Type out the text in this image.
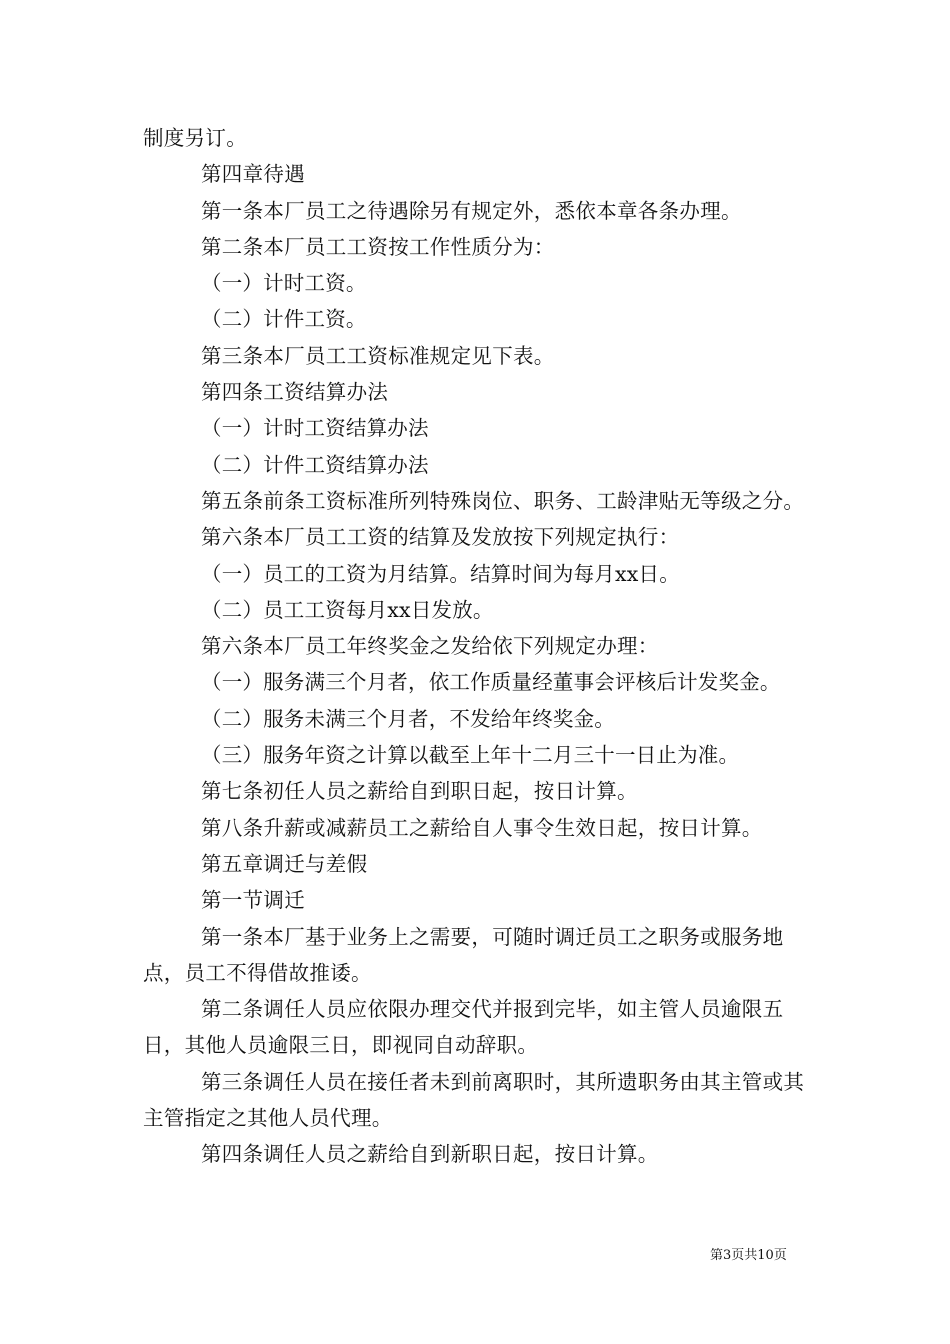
制度另订。

第四章待遇

第一条本厂员工之待遇除另有规定外，悉依本章各条办理。

第二条本厂员工工资按工作性质分为：

（一）计时工资。

（二）计件工资。

第三条本厂员工工资标准规定见下表。

第四条工资结算办法

（一）计时工资结算办法

（二）计件工资结算办法

第五条前条工资标准所列特殊岗位、职务、工龄津贴无等级之分。

第六条本厂员工工资的结算及发放按下列规定执行：

（一）员工的工资为月结算。结算时间为每月xx日。

（二）员工工资每月xx日发放。

第六条本厂员工年终奖金之发给依下列规定办理：

（一）服务满三个月者，依工作质量经董事会评核后计发奖金。

（二）服务未满三个月者，不发给年终奖金。

（三）服务年资之计算以截至上年十二月三十一日止为准。

第七条初任人员之薪给自到职日起，按日计算。

第八条升薪或减薪员工之薪给自人事令生效日起，按日计算。

第五章调迁与差假

第一节调迁

第一条本厂基于业务上之需要，可随时调迁员工之职务或服务地点，员工不得借故推诿。

第二条调任人员应依限办理交代并报到完毕，如主管人员逾限五日，其他人员逾限三日，即视同自动辞职。

第三条调任人员在接任者未到前离职时，其所遗职务由其主管或其主管指定之其他人员代理。

第四条调任人员之薪给自到新职日起，按日计算。

第3页共10页
